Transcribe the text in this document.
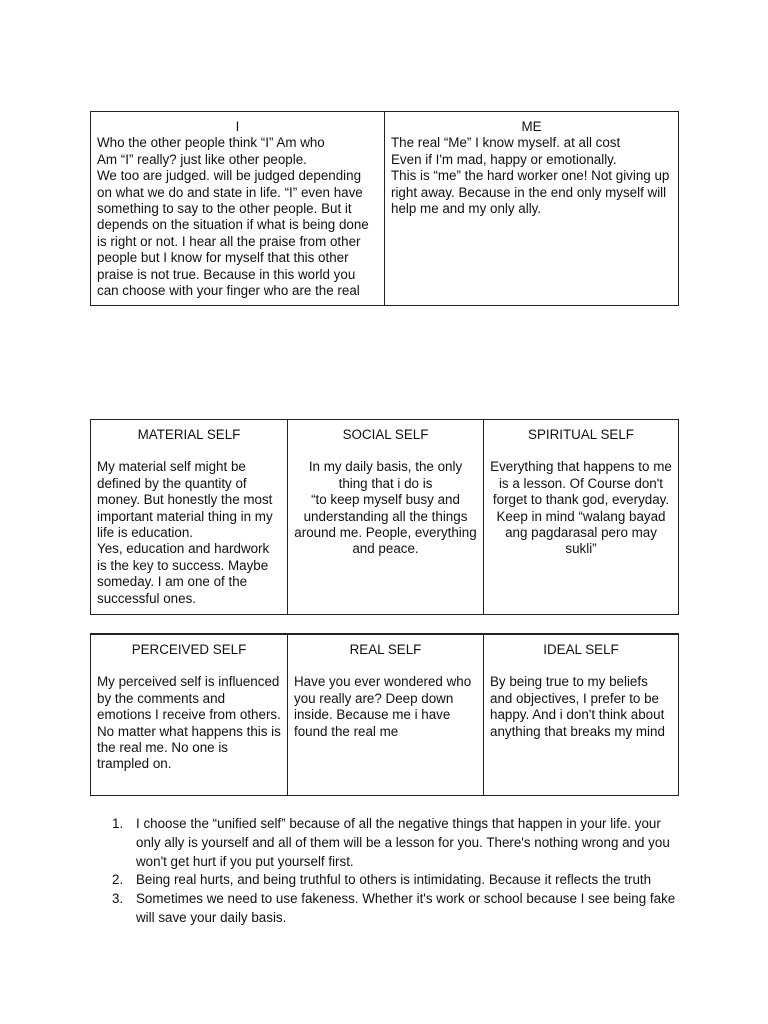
I
Who the other people think “I” Am who
Am “I” really? just like other people.
We too are judged. will be judged depending on what we do and state in life. “I” even have something to say to the other people. But it depends on the situation if what is being done is right or not. I hear all the praise from other people but I know for myself that this other praise is not true. Because in this world you can choose with your finger who are the real
ME
The real “Me” I know myself. at all cost
Even if I'm mad, happy or emotionally.
This is “me” the hard worker one! Not giving up right away. Because in the end only myself will help me and my only ally.
MATERIAL SELF
My material self might be defined by the quantity of money. But honestly the most important material thing in my life is education.
Yes, education and hardwork is the key to success. Maybe someday. I am one of the successful ones.
SOCIAL SELF
In my daily basis, the only thing that i do is
“to keep myself busy and understanding all the things around me. People, everything and peace.
SPIRITUAL SELF
Everything that happens to me is a lesson. Of Course don't forget to thank god, everyday. Keep in mind “walang bayad ang pagdarasal pero may sukli”
PERCEIVED SELF
My perceived self is influenced by the comments and emotions I receive from others. No matter what happens this is the real me. No one is trampled on.
REAL SELF
Have you ever wondered who you really are? Deep down inside. Because me i have found the real me
IDEAL SELF
By being true to my beliefs and objectives, I prefer to be happy. And i don't think about anything that breaks my mind
1. I choose the “unified self” because of all the negative things that happen in your life. your only ally is yourself and all of them will be a lesson for you. There's nothing wrong and you won't get hurt if you put yourself first.
2. Being real hurts, and being truthful to others is intimidating. Because it reflects the truth
3. Sometimes we need to use fakeness. Whether it's work or school because I see being fake will save your daily basis.
